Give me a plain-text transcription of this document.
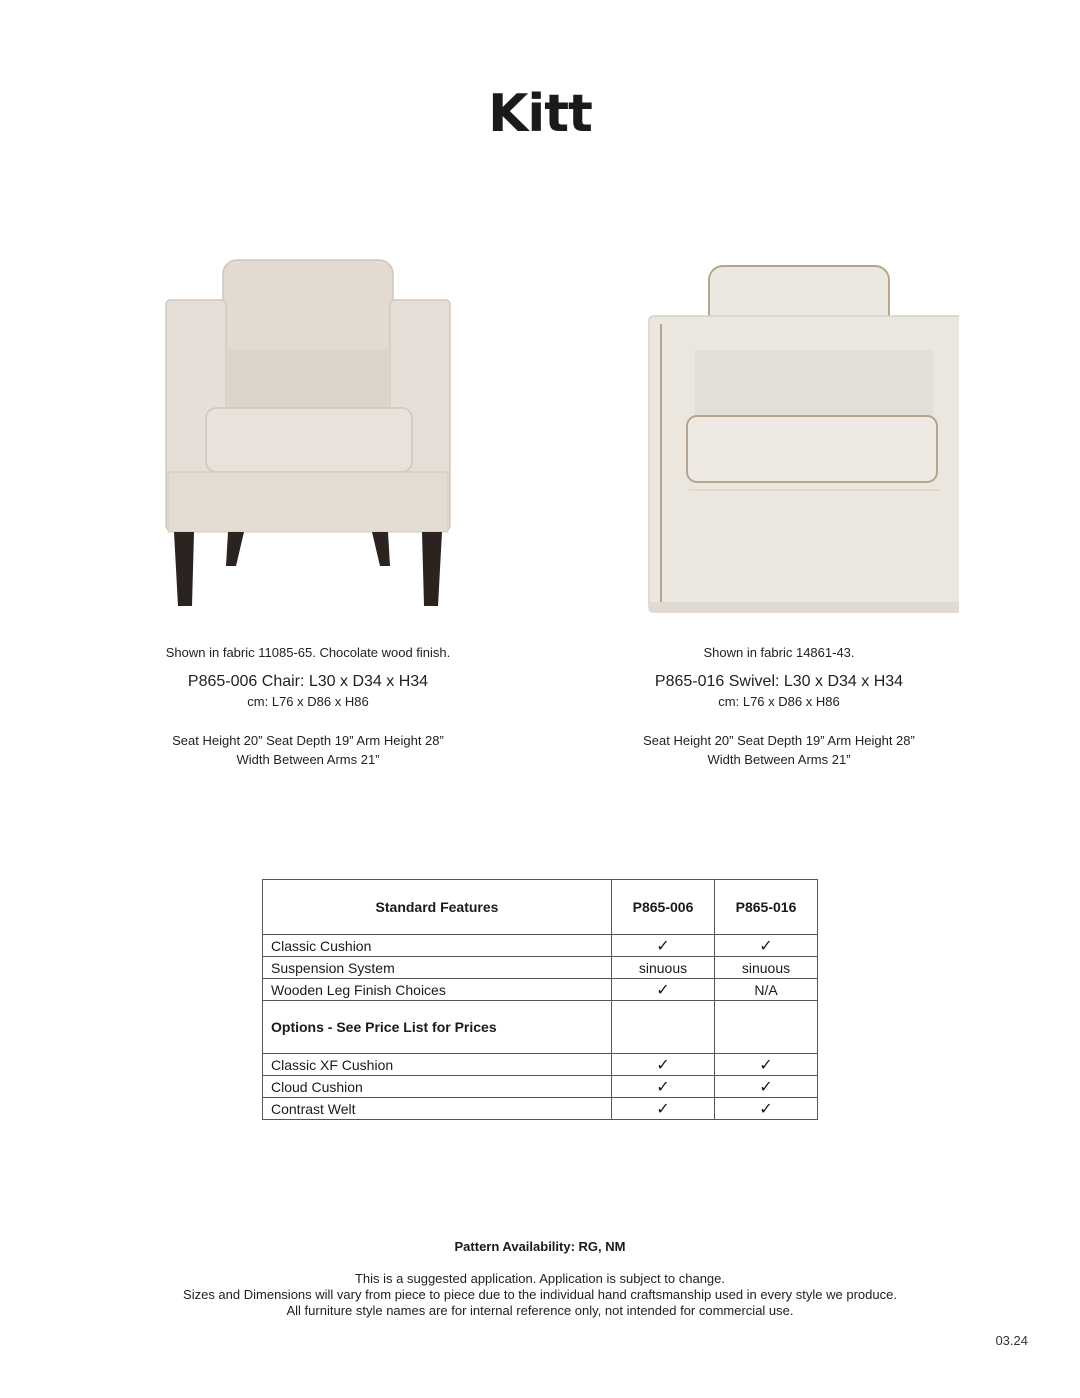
Kitt
Shown in fabric 11085-65. Chocolate wood finish.
P865-006 Chair: L30 x D34 x H34
cm: L76 x D86 x H86
Seat Height 20” Seat Depth 19” Arm Height 28”
Width Between Arms 21”
Shown in fabric 14861-43.
P865-016 Swivel: L30 x D34 x H34
cm: L76 x D86 x H86
Seat Height 20” Seat Depth 19” Arm Height 28”
Width Between Arms 21”
Standard Features	P865-006	P865-016
Classic Cushion	✓	✓
Suspension System	sinuous	sinuous
Wooden Leg Finish Choices	✓	N/A
Options - See Price List for Prices		
Classic XF Cushion	✓	✓
Cloud Cushion	✓	✓
Contrast Welt	✓	✓
Pattern Availability: RG, NM
This is a suggested application. Application is subject to change.
Sizes and Dimensions will vary from piece to piece due to the individual hand craftsmanship used in every style we produce.
All furniture style names are for internal reference only, not intended for commercial use.
03.24
